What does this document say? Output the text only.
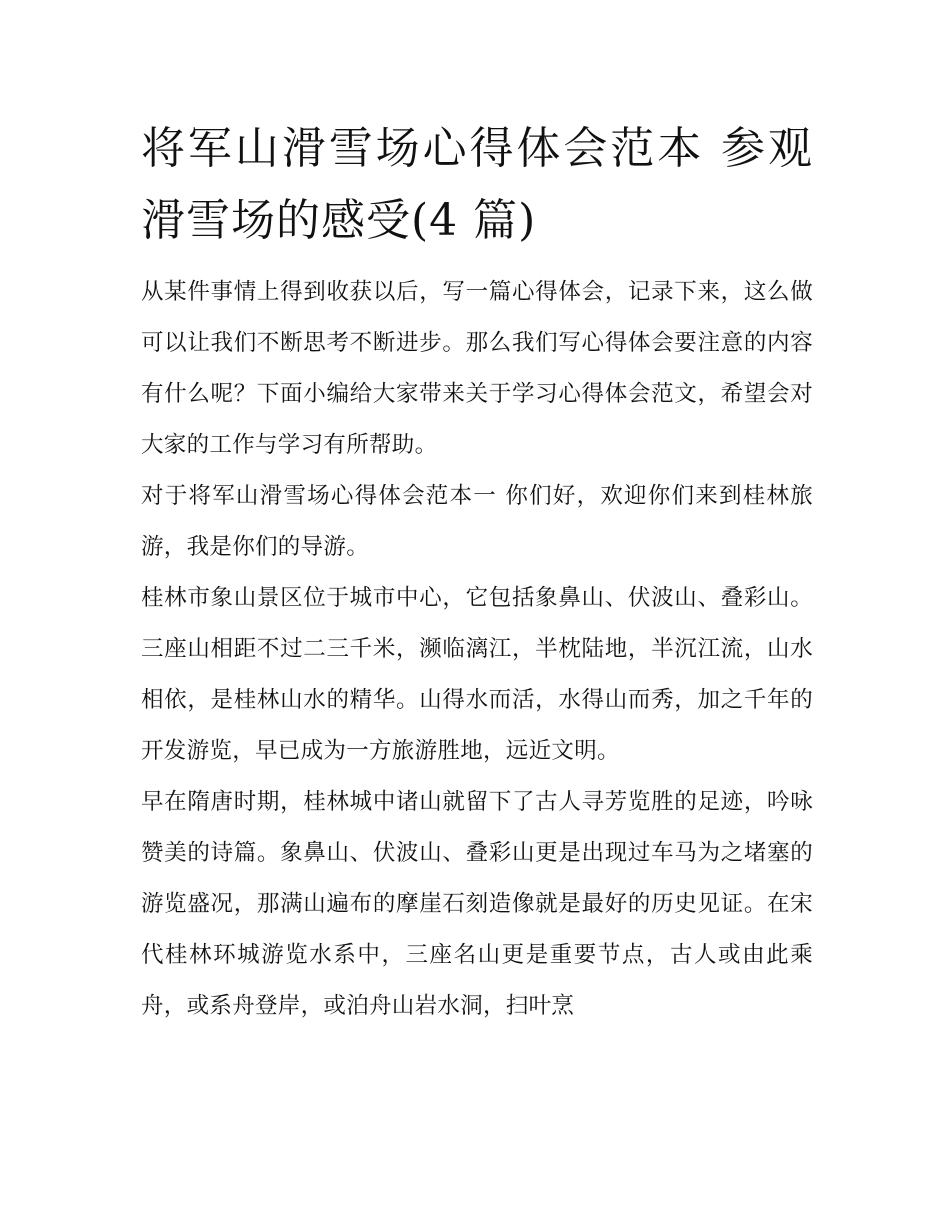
将军山滑雪场心得体会范本 参观滑雪场的感受(4 篇)

从某件事情上得到收获以后，写一篇心得体会，记录下来，这么做可以让我们不断思考不断进步。那么我们写心得体会要注意的内容有什么呢？下面小编给大家带来关于学习心得体会范文，希望会对大家的工作与学习有所帮助。

对于将军山滑雪场心得体会范本一 你们好，欢迎你们来到桂林旅游，我是你们的导游。

桂林市象山景区位于城市中心，它包括象鼻山、伏波山、叠彩山。三座山相距不过二三千米，濒临漓江，半枕陆地，半沉江流，山水相依，是桂林山水的精华。山得水而活，水得山而秀，加之千年的开发游览，早已成为一方旅游胜地，远近文明。

早在隋唐时期，桂林城中诸山就留下了古人寻芳览胜的足迹，吟咏赞美的诗篇。象鼻山、伏波山、叠彩山更是出现过车马为之堵塞的游览盛况，那满山遍布的摩崖石刻造像就是最好的历史见证。在宋代桂林环城游览水系中，三座名山更是重要节点，古人或由此乘舟，或系舟登岸，或泊舟山岩水洞，扫叶烹
